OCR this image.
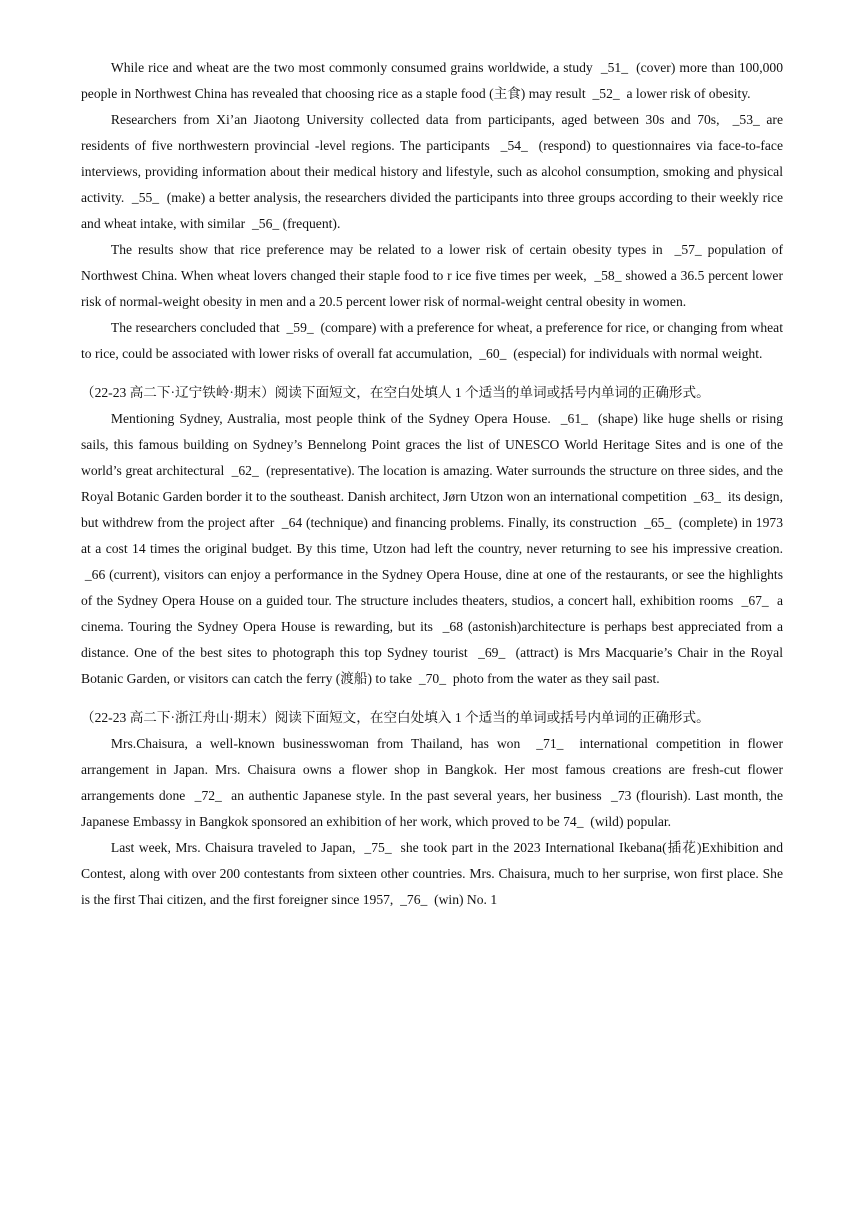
While rice and wheat are the two most commonly consumed grains worldwide, a study  _51_  (cover) more than 100,000 people in Northwest China has revealed that choosing rice as a staple food (主食) may result  _52_  a lower risk of obesity.

Researchers from Xi’an Jiaotong University collected data from participants, aged between 30s and 70s,  _53_ are residents of five northwestern provincial -level regions. The participants  _54_  (respond) to questionnaires via face-to-face interviews, providing information about their medical history and lifestyle, such as alcohol consumption, smoking and physical activity.  _55_  (make) a better analysis, the researchers divided the participants into three groups according to their weekly rice and wheat intake, with similar  _56_ (frequent).

The results show that rice preference may be related to a lower risk of certain obesity types in  _57_ population of Northwest China. When wheat lovers changed their staple food to r ice five times per week,  _58_ showed a 36.5 percent lower risk of normal-weight obesity in men and a 20.5 percent lower risk of normal-weight central obesity in women.

The researchers concluded that  _59_  (compare) with a preference for wheat, a preference for rice, or changing from wheat to rice, could be associated with lower risks of overall fat accumulation,  _60_  (especial) for individuals with normal weight.

（22-23 高二下·辽宁铁岭·期末）阅读下面短文，在空白处填人 1 个适当的单词或括号内单词的正确形式。

Mentioning Sydney, Australia, most people think of the Sydney Opera House.  _61_  (shape) like huge shells or rising sails, this famous building on Sydney’s Bennelong Point graces the list of UNESCO World Heritage Sites and is one of the world’s great architectural  _62_  (representative). The location is amazing. Water surrounds the structure on three sides, and the Royal Botanic Garden border it to the southeast. Danish architect, Jørn Utzon won an international competition  _63_  its design, but withdrew from the project after  _64 (technique) and financing problems. Finally, its construction  _65_  (complete) in 1973 at a cost 14 times the original budget. By this time, Utzon had left the country, never returning to see his impressive creation.  _66 (current), visitors can enjoy a performance in the Sydney Opera House, dine at one of the restaurants, or see the highlights of the Sydney Opera House on a guided tour. The structure includes theaters, studios, a concert hall, exhibition rooms  _67_  a cinema. Touring the Sydney Opera House is rewarding, but its  _68 (astonish)architecture is perhaps best appreciated from a distance. One of the best sites to photograph this top Sydney tourist  _69_  (attract) is Mrs Macquarie’s Chair in the Royal Botanic Garden, or visitors can catch the ferry (渡船) to take  _70_  photo from the water as they sail past.

（22-23 高二下·浙江舟山·期末）阅读下面短文，在空白处填入 1 个适当的单词或括号内单词的正确形式。

Mrs.Chaisura, a well-known businesswoman from Thailand, has won  _71_  international competition in flower arrangement in Japan. Mrs. Chaisura owns a flower shop in Bangkok. Her most famous creations are fresh-cut flower arrangements done  _72_  an authentic Japanese style. In the past several years, her business  _73 (flourish). Last month, the Japanese Embassy in Bangkok sponsored an exhibition of her work, which proved to be 74_  (wild) popular.

Last week, Mrs. Chaisura traveled to Japan,  _75_  she took part in the 2023 International Ikebana(插花)Exhibition and Contest, along with over 200 contestants from sixteen other countries. Mrs. Chaisura, much to her surprise, won first place. She is the first Thai citizen, and the first foreigner since 1957,  _76_  (win) No. 1
